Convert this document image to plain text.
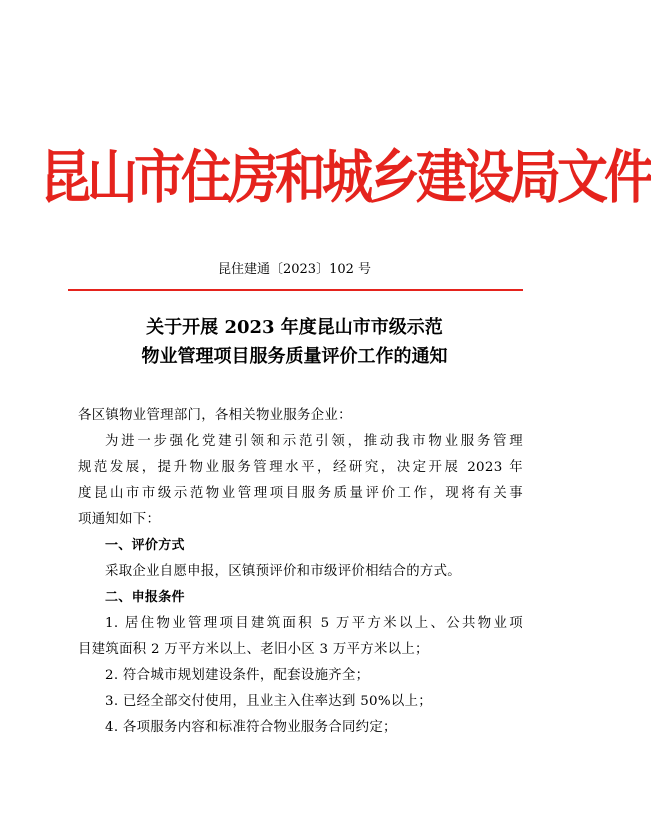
昆山市住房和城乡建设局文件
昆住建通〔2023〕102 号
关于开展 2023 年度昆山市市级示范
物业管理项目服务质量评价工作的通知

各区镇物业管理部门，各相关物业服务企业：

为进一步强化党建引领和示范引领，推动我市物业服务管理

规范发展，提升物业服务管理水平，经研究，决定开展 2023 年

度昆山市市级示范物业管理项目服务质量评价工作，现将有关事

项通知如下：

一、评价方式

采取企业自愿申报，区镇预评价和市级评价相结合的方式。

二、申报条件

1. 居住物业管理项目建筑面积 5 万平方米以上、公共物业项

目建筑面积 2 万平方米以上、老旧小区 3 万平方米以上；

2. 符合城市规划建设条件，配套设施齐全；

3. 已经全部交付使用，且业主入住率达到 50%以上；

4. 各项服务内容和标准符合物业服务合同约定；
